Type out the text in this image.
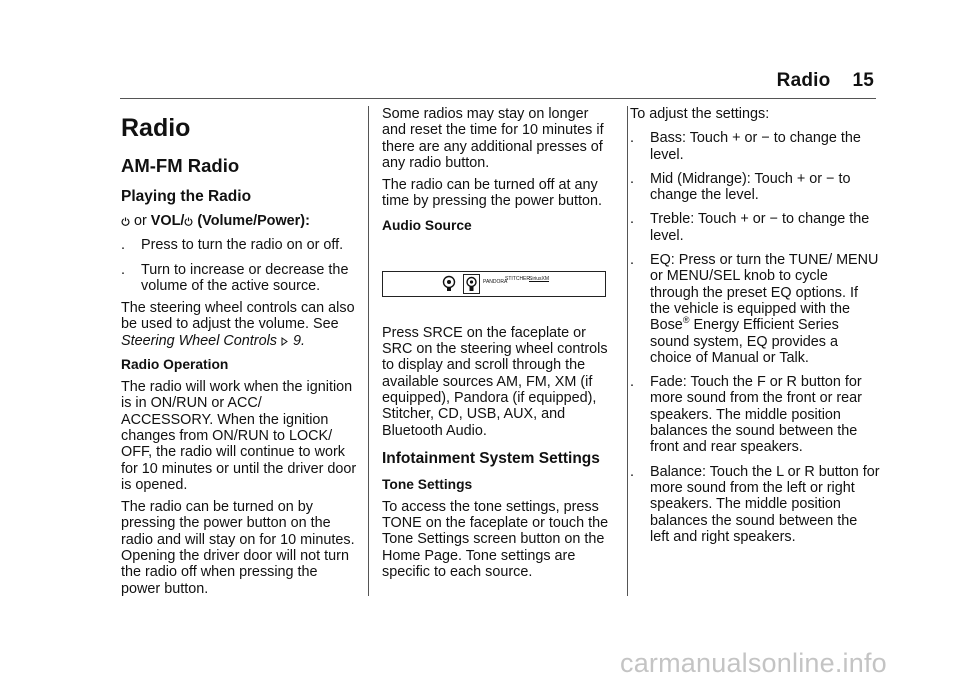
Radio 15
Radio
AM-FM Radio
Playing the Radio

or VOL/ (Volume/Power):

. Press to turn the radio on or off.
. Turn to increase or decrease the volume of the active source.

The steering wheel controls can also be used to adjust the volume. See Steering Wheel Controls 9.

Radio Operation

The radio will work when the ignition is in ON/RUN or ACC/ ACCESSORY. When the ignition changes from ON/RUN to LOCK/ OFF, the radio will continue to work for 10 minutes or until the driver door is opened.

The radio can be turned on by pressing the power button on the radio and will stay on for 10 minutes. Opening the driver door will not turn the radio off when pressing the power button.

Some radios may stay on longer and reset the time for 10 minutes if there are any additional presses of any radio button.

The radio can be turned off at any time by pressing the power button.

Audio Source
PANDORA
STITCHER SiriusXM

Press SRCE on the faceplate or SRC on the steering wheel controls to display and scroll through the available sources AM, FM, XM (if equipped), Pandora (if equipped), Stitcher, CD, USB, AUX, and Bluetooth Audio.

Infotainment System Settings
Tone Settings

To access the tone settings, press TONE on the faceplate or touch the Tone Settings screen button on the Home Page. Tone settings are specific to each source.

To adjust the settings:

. Bass: Touch + or − to change the level.
. Mid (Midrange): Touch + or − to change the level.
. Treble: Touch + or − to change the level.
. EQ: Press or turn the TUNE/ MENU or MENU/SEL knob to cycle through the preset EQ options. If the vehicle is equipped with the Bose® Energy Efficient Series sound system, EQ provides a choice of Manual or Talk.
. Fade: Touch the F or R button for more sound from the front or rear speakers. The middle position balances the sound between the front and rear speakers.
. Balance: Touch the L or R button for more sound from the left or right speakers. The middle position balances the sound between the left and right speakers.
carmanualsonline.info
